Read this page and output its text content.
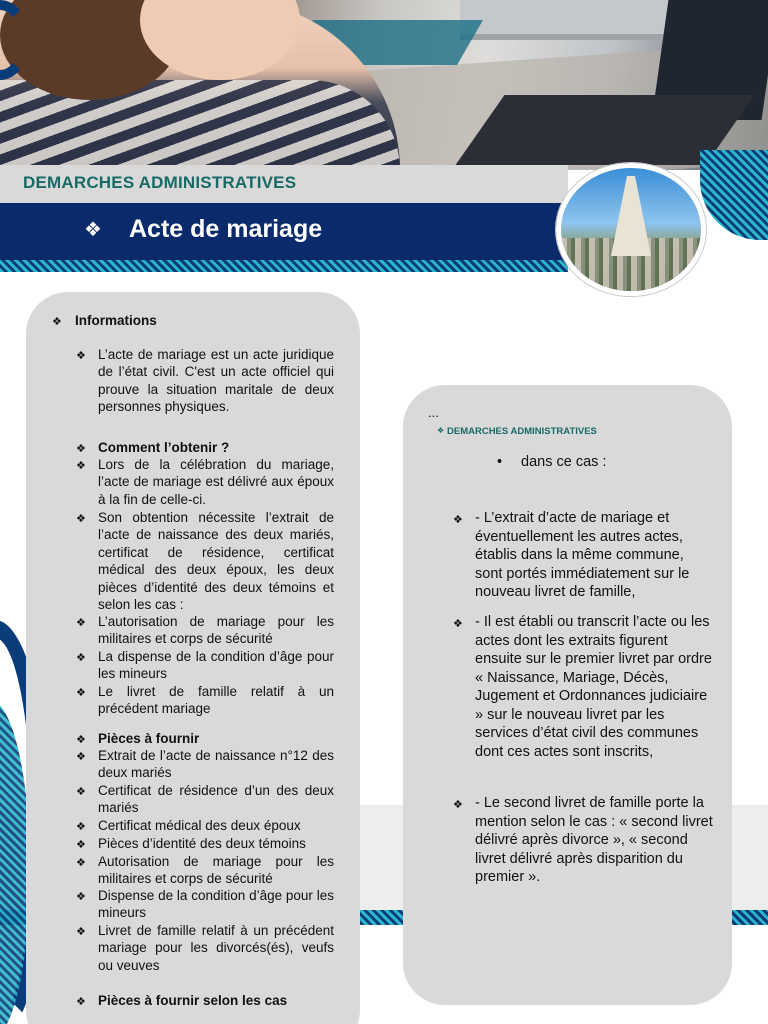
DEMARCHES ADMINISTRATIVES
❖ Acte de mariage
❖ Informations
❖ L’acte de mariage est un acte juridique de l’état civil. C'est un acte officiel qui prouve la situation maritale de deux personnes physiques.
❖ Comment l’obtenir ?
❖ Lors de la célébration du mariage, l’acte de mariage est délivré aux époux à la fin de celle-ci.
❖ Son obtention nécessite l’extrait de l’acte de naissance des deux mariés, certificat de résidence, certificat médical des deux époux, les deux pièces d’identité des deux témoins et selon les cas :
❖ L’autorisation de mariage pour les militaires et corps de sécurité
❖ La dispense de la condition d’âge pour les mineurs
❖ Le livret de famille relatif à un précédent mariage
❖ Pièces à fournir
❖ Extrait de l’acte de naissance n°12 des deux mariés
❖ Certificat de résidence d’un des deux mariés
❖ Certificat médical des deux époux
❖ Pièces d’identité des deux témoins
❖ Autorisation de mariage pour les militaires et corps de sécurité
❖ Dispense de la condition d’âge pour les mineurs
❖ Livret de famille relatif à un précédent mariage pour les divorcés(és), veufs ou veuves
❖ Pièces à fournir selon les cas
...
❖ DEMARCHES ADMINISTRATIVES
• dans ce cas :
❖ - L’extrait d’acte de mariage et éventuellement les autres actes, établis dans la même commune, sont portés immédiatement sur le nouveau livret de famille,
❖ - Il est établi ou transcrit l’acte ou les actes dont les extraits figurent ensuite sur le premier livret par ordre « Naissance, Mariage, Décès, Jugement et Ordonnances judiciaire » sur le nouveau livret par les services d’état civil des communes dont ces actes sont inscrits,
❖ - Le second livret de famille porte la mention selon le cas : « second livret délivré après divorce », « second livret délivré après disparition du premier ».
